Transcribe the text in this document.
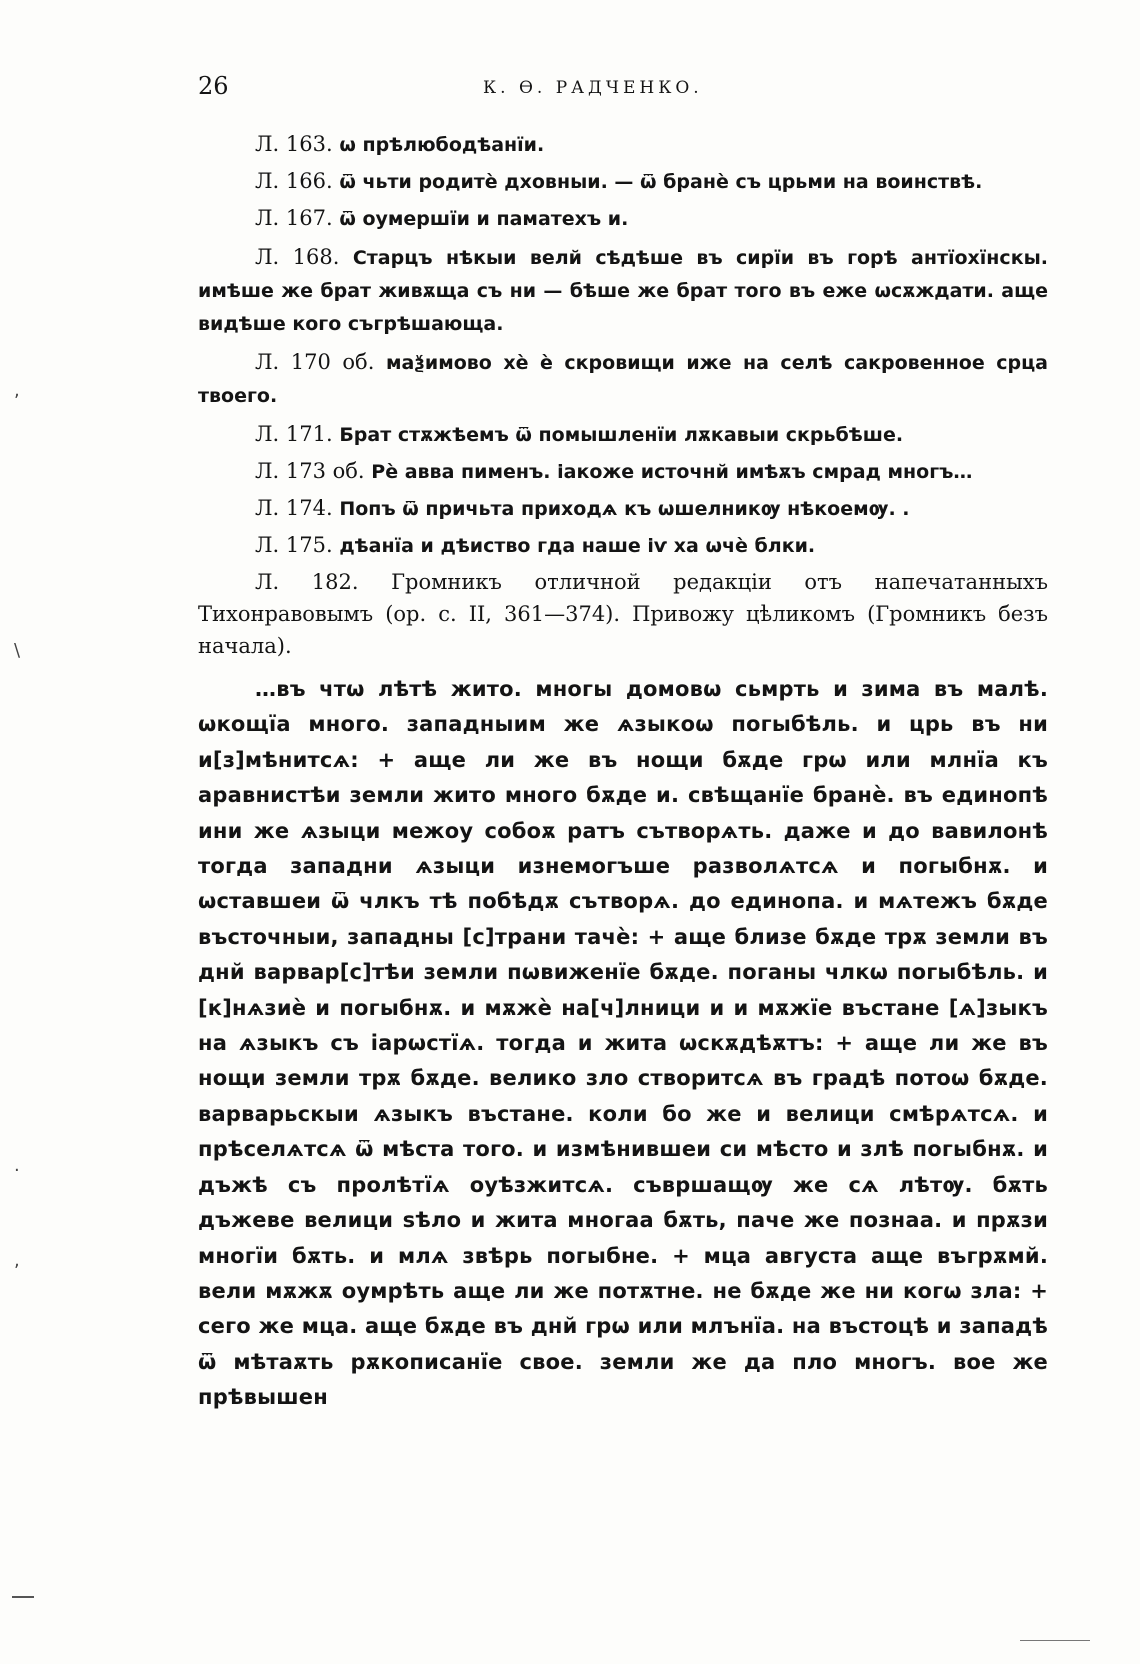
26	К. Ѳ. РАДЧЕНКО.

Л. 163. ѡ прѣлюбодѣанїи.

Л. 166. ѿ чьти родитѐ дховныи. — ѿ бранѐ съ црьми на воинствѣ.

Л. 167. ѿ оумершїи и паматехъ и.

Л. 168. Старцъ нѣкыи велй сѣдѣше въ сирїи въ горѣ антїохїнскы. имѣше же брат живѫща съ ни — бѣше же брат того въ еже ѡсѫждати. аще видѣше кого съгрѣшающа.

Л. 170 об. маѯимово хѐ ѐ скровищи иже на селѣ сакровенное срца твоего.

Л. 171. Брат стѫжѣемъ ѿ помышленїи лѫкавыи скрьбѣше.

Л. 173 об. Рѐ авва пименъ. iакоже источнй имѣѫъ смрад многъ…

Л. 174. Попъ ѿ причьта приходѧ къ ѡшелникѹ нѣкоемѹ. .

Л. 175. дѣанїа и дѣиство гда наше iѵ ха ѡчѐ блки.

Л. 182. Громникъ отличной редакціи отъ напечатанныхъ Тихонравовымъ (op. с. II, 361—374). Привожу цѣликомъ (Громникъ безъ начала).

…въ чтѡ лѣтѣ жито. многы домовѡ сьмрть и зима въ малѣ. ѡкощїа много. западныим же ѧзыкоѡ погыбѣль. и црь въ ни и[з]мѣнитсѧ: + аще ли же въ нощи бѫде грѡ или млнїа къ аравнистѣи земли жито много бѫде и. свѣщанїе бранѐ. въ единопѣ ини же ѧзыци межоу собоѫ ратъ сътворѧть. даже и до вавилонѣ тогда западни ѧзыци изнемогъше разволѧтсѧ и погыбнѫ. и ѡставшеи ѿ члкъ тѣ побѣдѫ сътворѧ. до единопа. и мѧтежъ бѫде въсточныи, западны [с]трани тачѐ: + аще близе бѫде трѫ земли въ днй варвар[с]тѣи земли пѡвиженїе бѫде. поганы члкѡ погыбѣль. и [к]нѧзиѐ и погыбнѫ. и мѫжѐ на[ч]лници и и мѫжїе въстане [ѧ]зыкъ на ѧзыкъ съ iарѡстїѧ. тогда и жита ѡскѫдѣѫтъ: + аще ли же въ нощи земли трѫ бѫде. велико зло створитсѧ въ градѣ потоѡ бѫде. варварьскыи ѧзыкъ въстане. коли бо же и велици смѣрѧтсѧ. и прѣселѧтсѧ ѿ мѣста того. и измѣнившеи си мѣсто и злѣ погыбнѫ. и дъжѣ съ пролѣтїѧ оуѣзжитсѧ. съвршащѹ же сѧ лѣтѹ. бѫть дъжеве велици ѕѣло и жита многаа бѫть, паче же познаа. и прѫзи многїи бѫть. и млѧ звѣрь погыбне. + мца августа аще въгрѫмй. вели мѫжѫ оумрѣть аще ли же потѫтне. не бѫде же ни когѡ зла: + сего же мца. аще бѫде въ днй грѡ или млънїа. на въстоцѣ и западѣ ѿ мѣтаѫть рѫкописанїе свое. земли же да пло многъ. вое же прѣвышен

,
\
·
,
